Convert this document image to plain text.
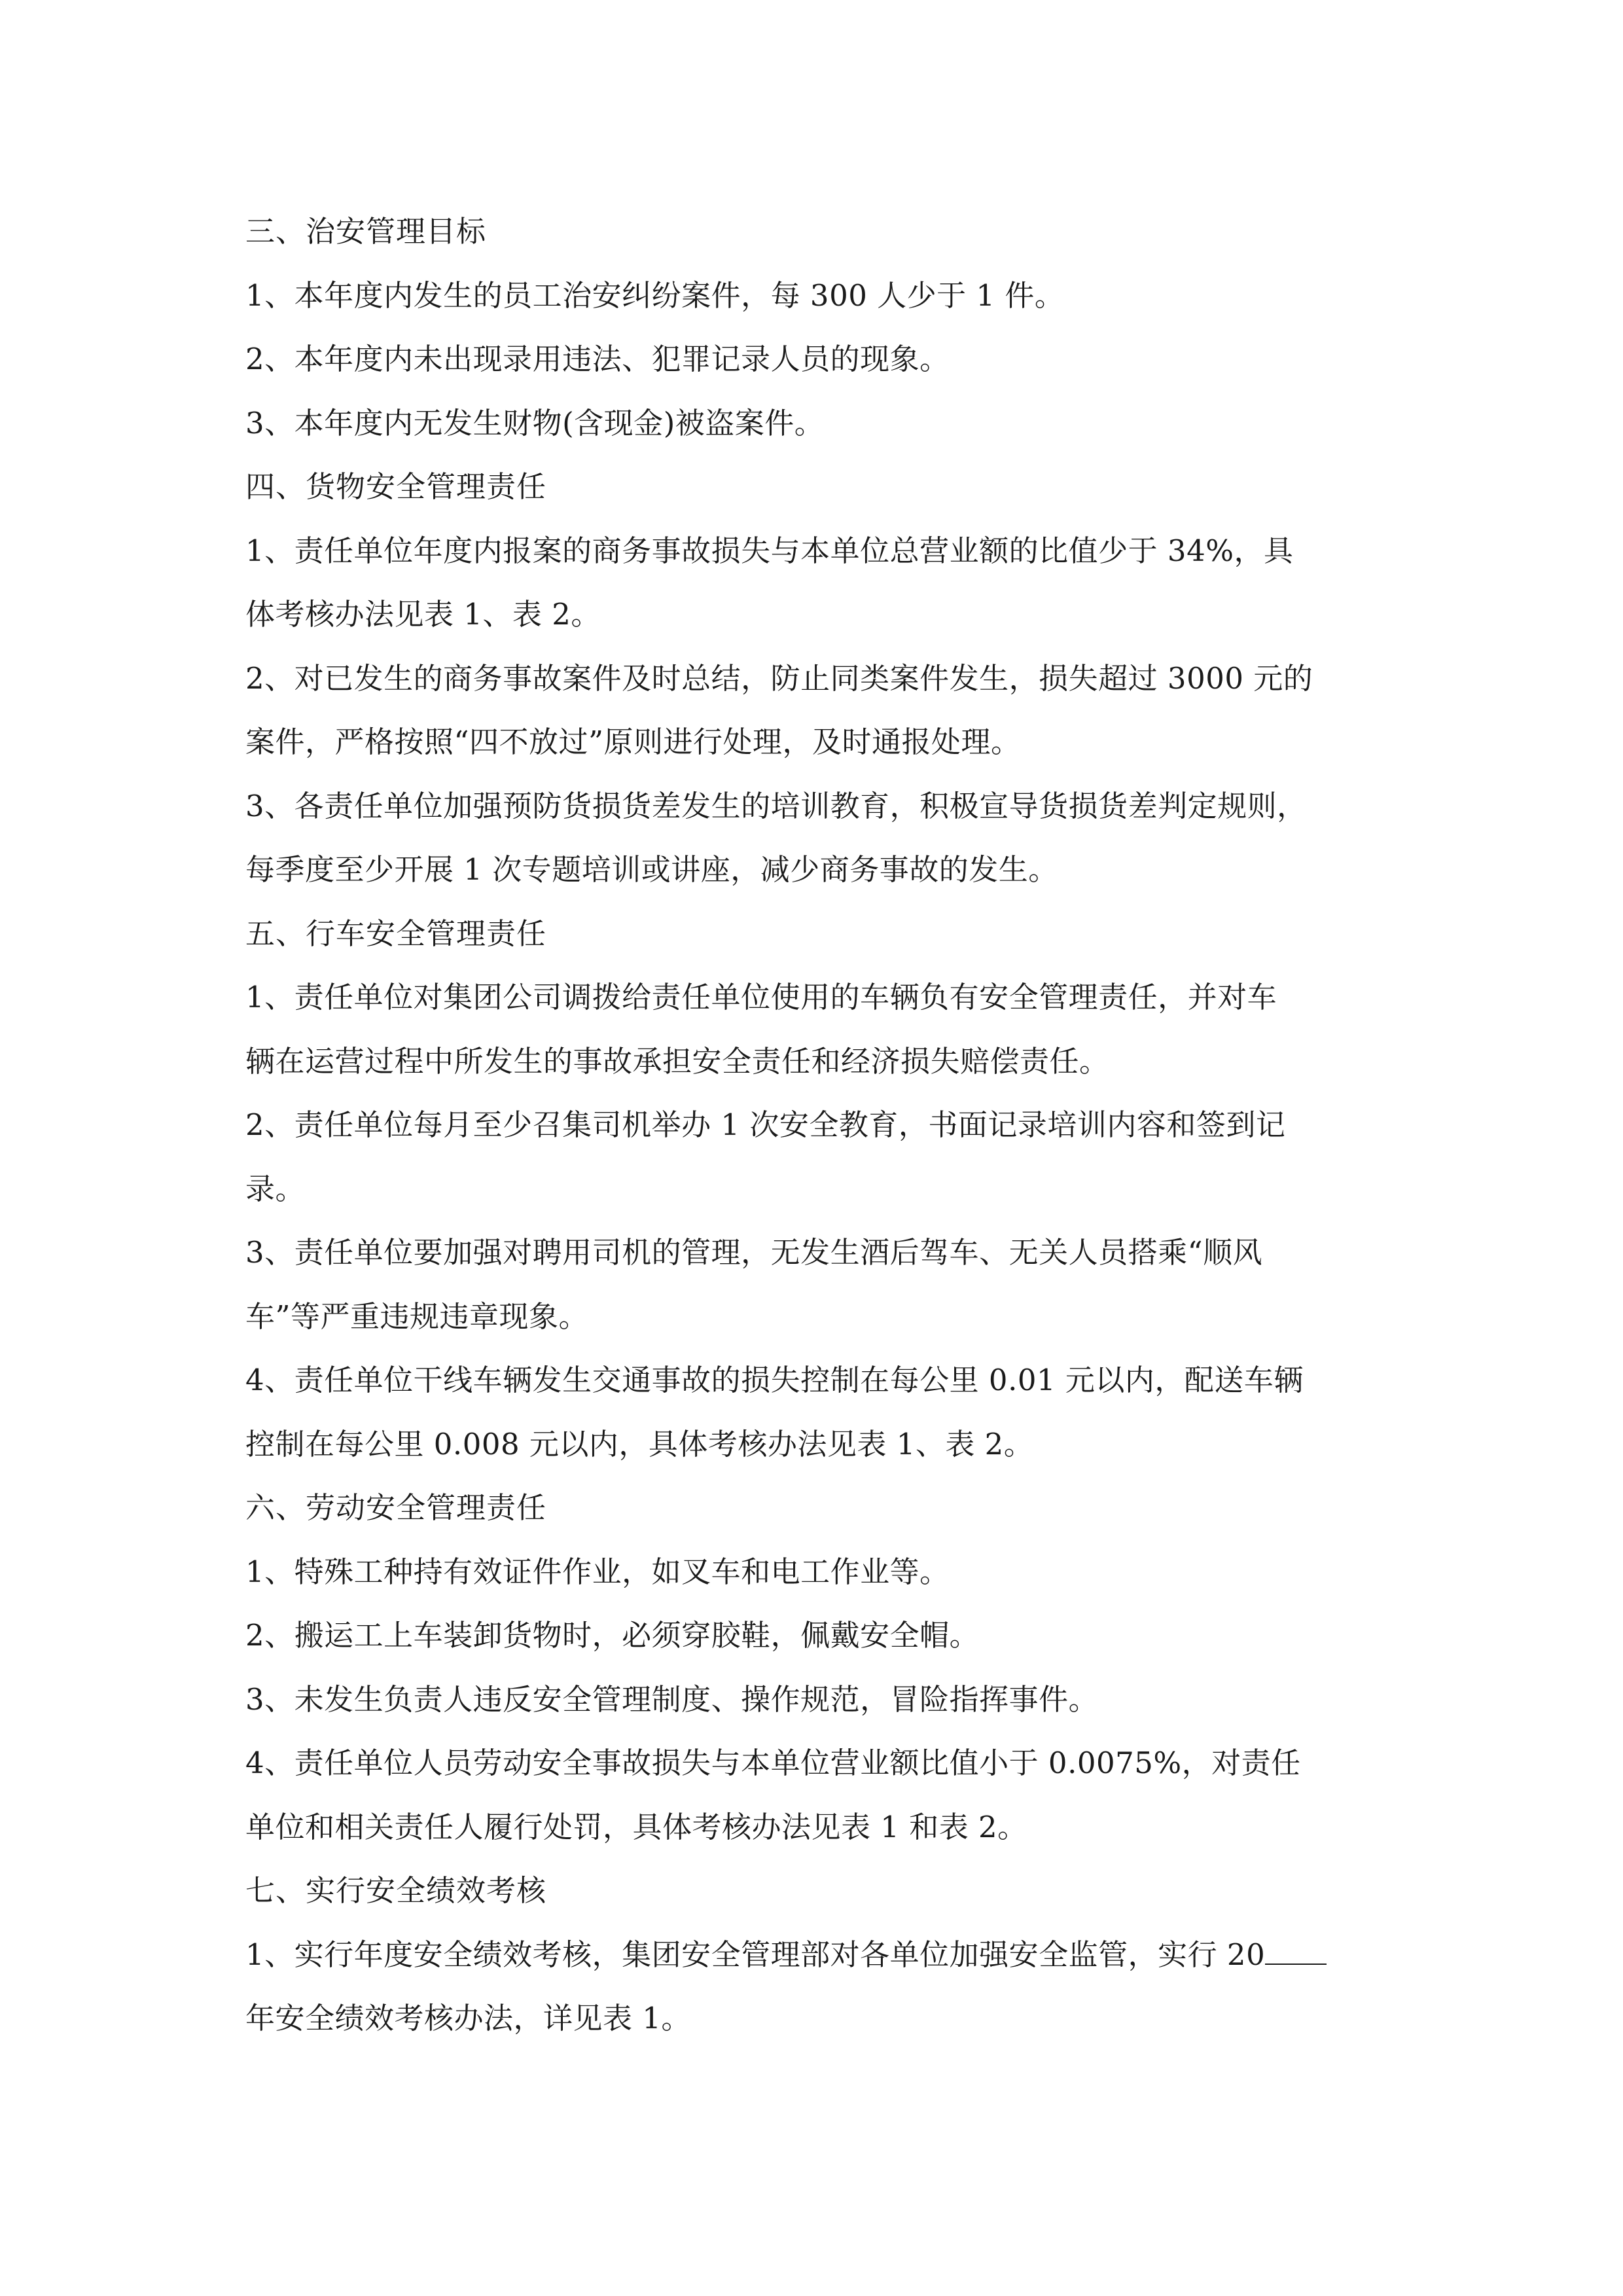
三、治安管理目标
1、本年度内发生的员工治安纠纷案件，每 300 人少于 1 件。
2、本年度内未出现录用违法、犯罪记录人员的现象。
3、本年度内无发生财物(含现金)被盗案件。
四、货物安全管理责任
1、责任单位年度内报案的商务事故损失与本单位总营业额的比值少于 34%，具
体考核办法见表 1、表 2。
2、对已发生的商务事故案件及时总结，防止同类案件发生，损失超过 3000 元的
案件，严格按照“四不放过”原则进行处理，及时通报处理。
3、各责任单位加强预防货损货差发生的培训教育，积极宣导货损货差判定规则，
每季度至少开展 1 次专题培训或讲座，减少商务事故的发生。
五、行车安全管理责任
1、责任单位对集团公司调拨给责任单位使用的车辆负有安全管理责任，并对车
辆在运营过程中所发生的事故承担安全责任和经济损失赔偿责任。
2、责任单位每月至少召集司机举办 1 次安全教育，书面记录培训内容和签到记
录。
3、责任单位要加强对聘用司机的管理，无发生酒后驾车、无关人员搭乘“顺风
车”等严重违规违章现象。
4、责任单位干线车辆发生交通事故的损失控制在每公里 0.01 元以内，配送车辆
控制在每公里 0.008 元以内，具体考核办法见表 1、表 2。
六、劳动安全管理责任
1、特殊工种持有效证件作业，如叉车和电工作业等。
2、搬运工上车装卸货物时，必须穿胶鞋，佩戴安全帽。
3、未发生负责人违反安全管理制度、操作规范，冒险指挥事件。
4、责任单位人员劳动安全事故损失与本单位营业额比值小于 0.0075%，对责任
单位和相关责任人履行处罚，具体考核办法见表 1 和表 2。
七、实行安全绩效考核
1、实行年度安全绩效考核，集团安全管理部对各单位加强安全监管，实行 20
年安全绩效考核办法，详见表 1。
